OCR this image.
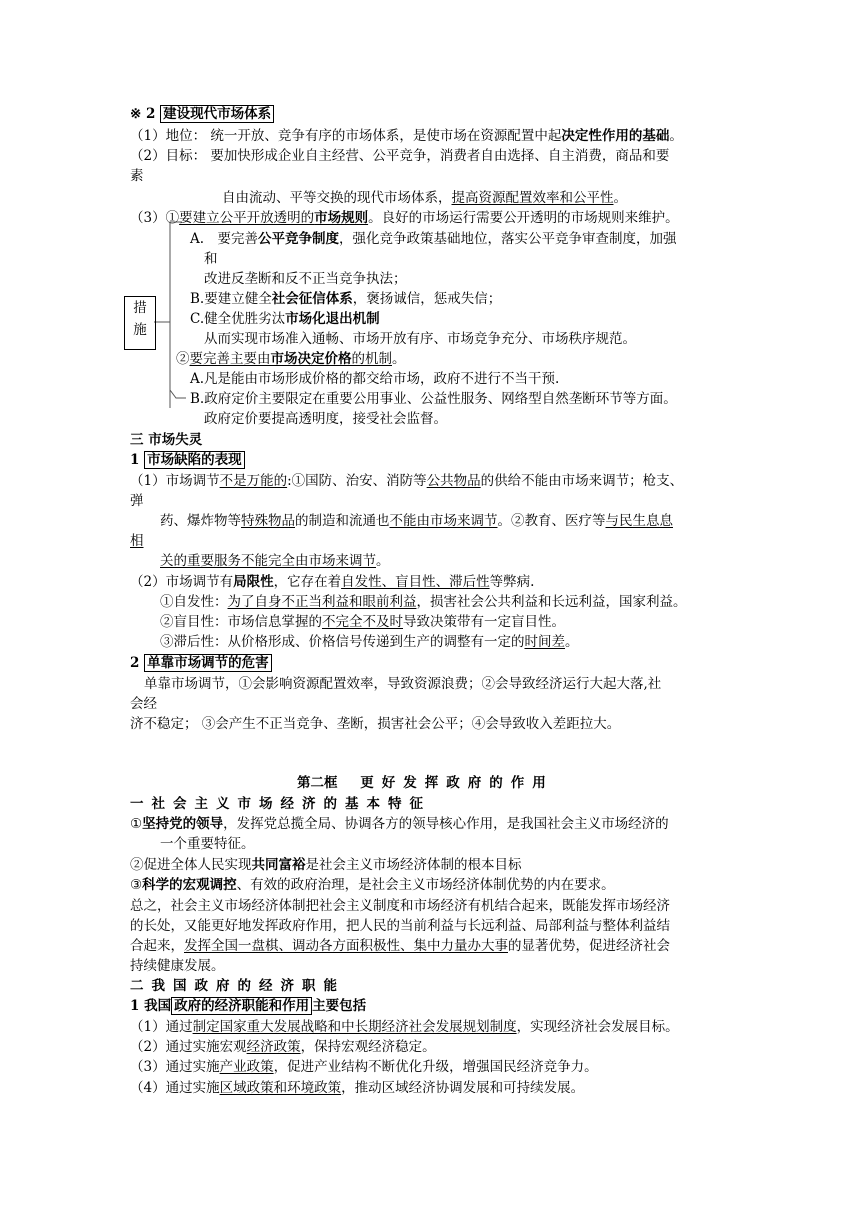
措
施
※ 2 建设现代市场体系
（1）地位： 统一开放、竞争有序的市场体系，是使市场在资源配置中起决定性作用的基础。
（2）目标： 要加快形成企业自主经营、公平竞争，消费者自由选择、自主消费，商品和要
素
自由流动、平等交换的现代市场体系，提高资源配置效率和公平性。
（3）①要建立公平开放透明的市场规则。良好的市场运行需要公开透明的市场规则来维护。
A.　要完善公平竞争制度，强化竞争政策基础地位，落实公平竞争审查制度，加强
和
改进反垄断和反不正当竞争执法；
B.要建立健全社会征信体系，褒扬诚信，惩戒失信；
C.健全优胜劣汰市场化退出机制
从而实现市场准入通畅、市场开放有序、市场竞争充分、市场秩序规范。
②要完善主要由市场决定价格的机制。
A.凡是能由市场形成价格的都交给市场，政府不进行不当干预.
B.政府定价主要限定在重要公用事业、公益性服务、网络型自然垄断环节等方面。
政府定价要提高透明度，接受社会监督。
三 市场失灵
1 市场缺陷的表现
（1）市场调节不是万能的:①国防、治安、消防等公共物品的供给不能由市场来调节；枪支、
弹
药、爆炸物等特殊物品的制造和流通也不能由市场来调节。②教育、医疗等与民生息息
相
关的重要服务不能完全由市场来调节。
（2）市场调节有局限性，它存在着自发性、盲目性、滞后性等弊病.
①自发性：为了自身不正当利益和眼前利益，损害社会公共利益和长远利益，国家利益。
②盲目性：市场信息掌握的不完全不及时导致决策带有一定盲目性。
③滞后性：从价格形成、价格信号传递到生产的调整有一定的时间差。
2 单靠市场调节的危害
单靠市场调节，①会影响资源配置效率，导致资源浪费；②会导致经济运行大起大落,社
会经
济不稳定； ③会产生不正当竞争、垄断，损害社会公平；④会导致收入差距拉大。
第二框 更好发挥政府的作用
一社会主义市场经济的基本特征
①坚持党的领导，发挥党总揽全局、协调各方的领导核心作用，是我国社会主义市场经济的
一个重要特征。
②促进全体人民实现共同富裕是社会主义市场经济体制的根本目标
③科学的宏观调控、有效的政府治理，是社会主义市场经济体制优势的内在要求。
总之，社会主义市场经济体制把社会主义制度和市场经济有机结合起来，既能发挥市场经济
的长处，又能更好地发挥政府作用，把人民的当前利益与长远利益、局部利益与整体利益结
合起来，发挥全国一盘棋、调动各方面积极性、集中力量办大事的显著优势，促进经济社会
持续健康发展。
二我国政府的经济职能
1 我国 政府的经济职能和作用 主要包括
（1）通过制定国家重大发展战略和中长期经济社会发展规划制度，实现经济社会发展目标。
（2）通过实施宏观经济政策，保持宏观经济稳定。
（3）通过实施产业政策，促进产业结构不断优化升级，增强国民经济竞争力。
（4）通过实施区域政策和环境政策，推动区域经济协调发展和可持续发展。
